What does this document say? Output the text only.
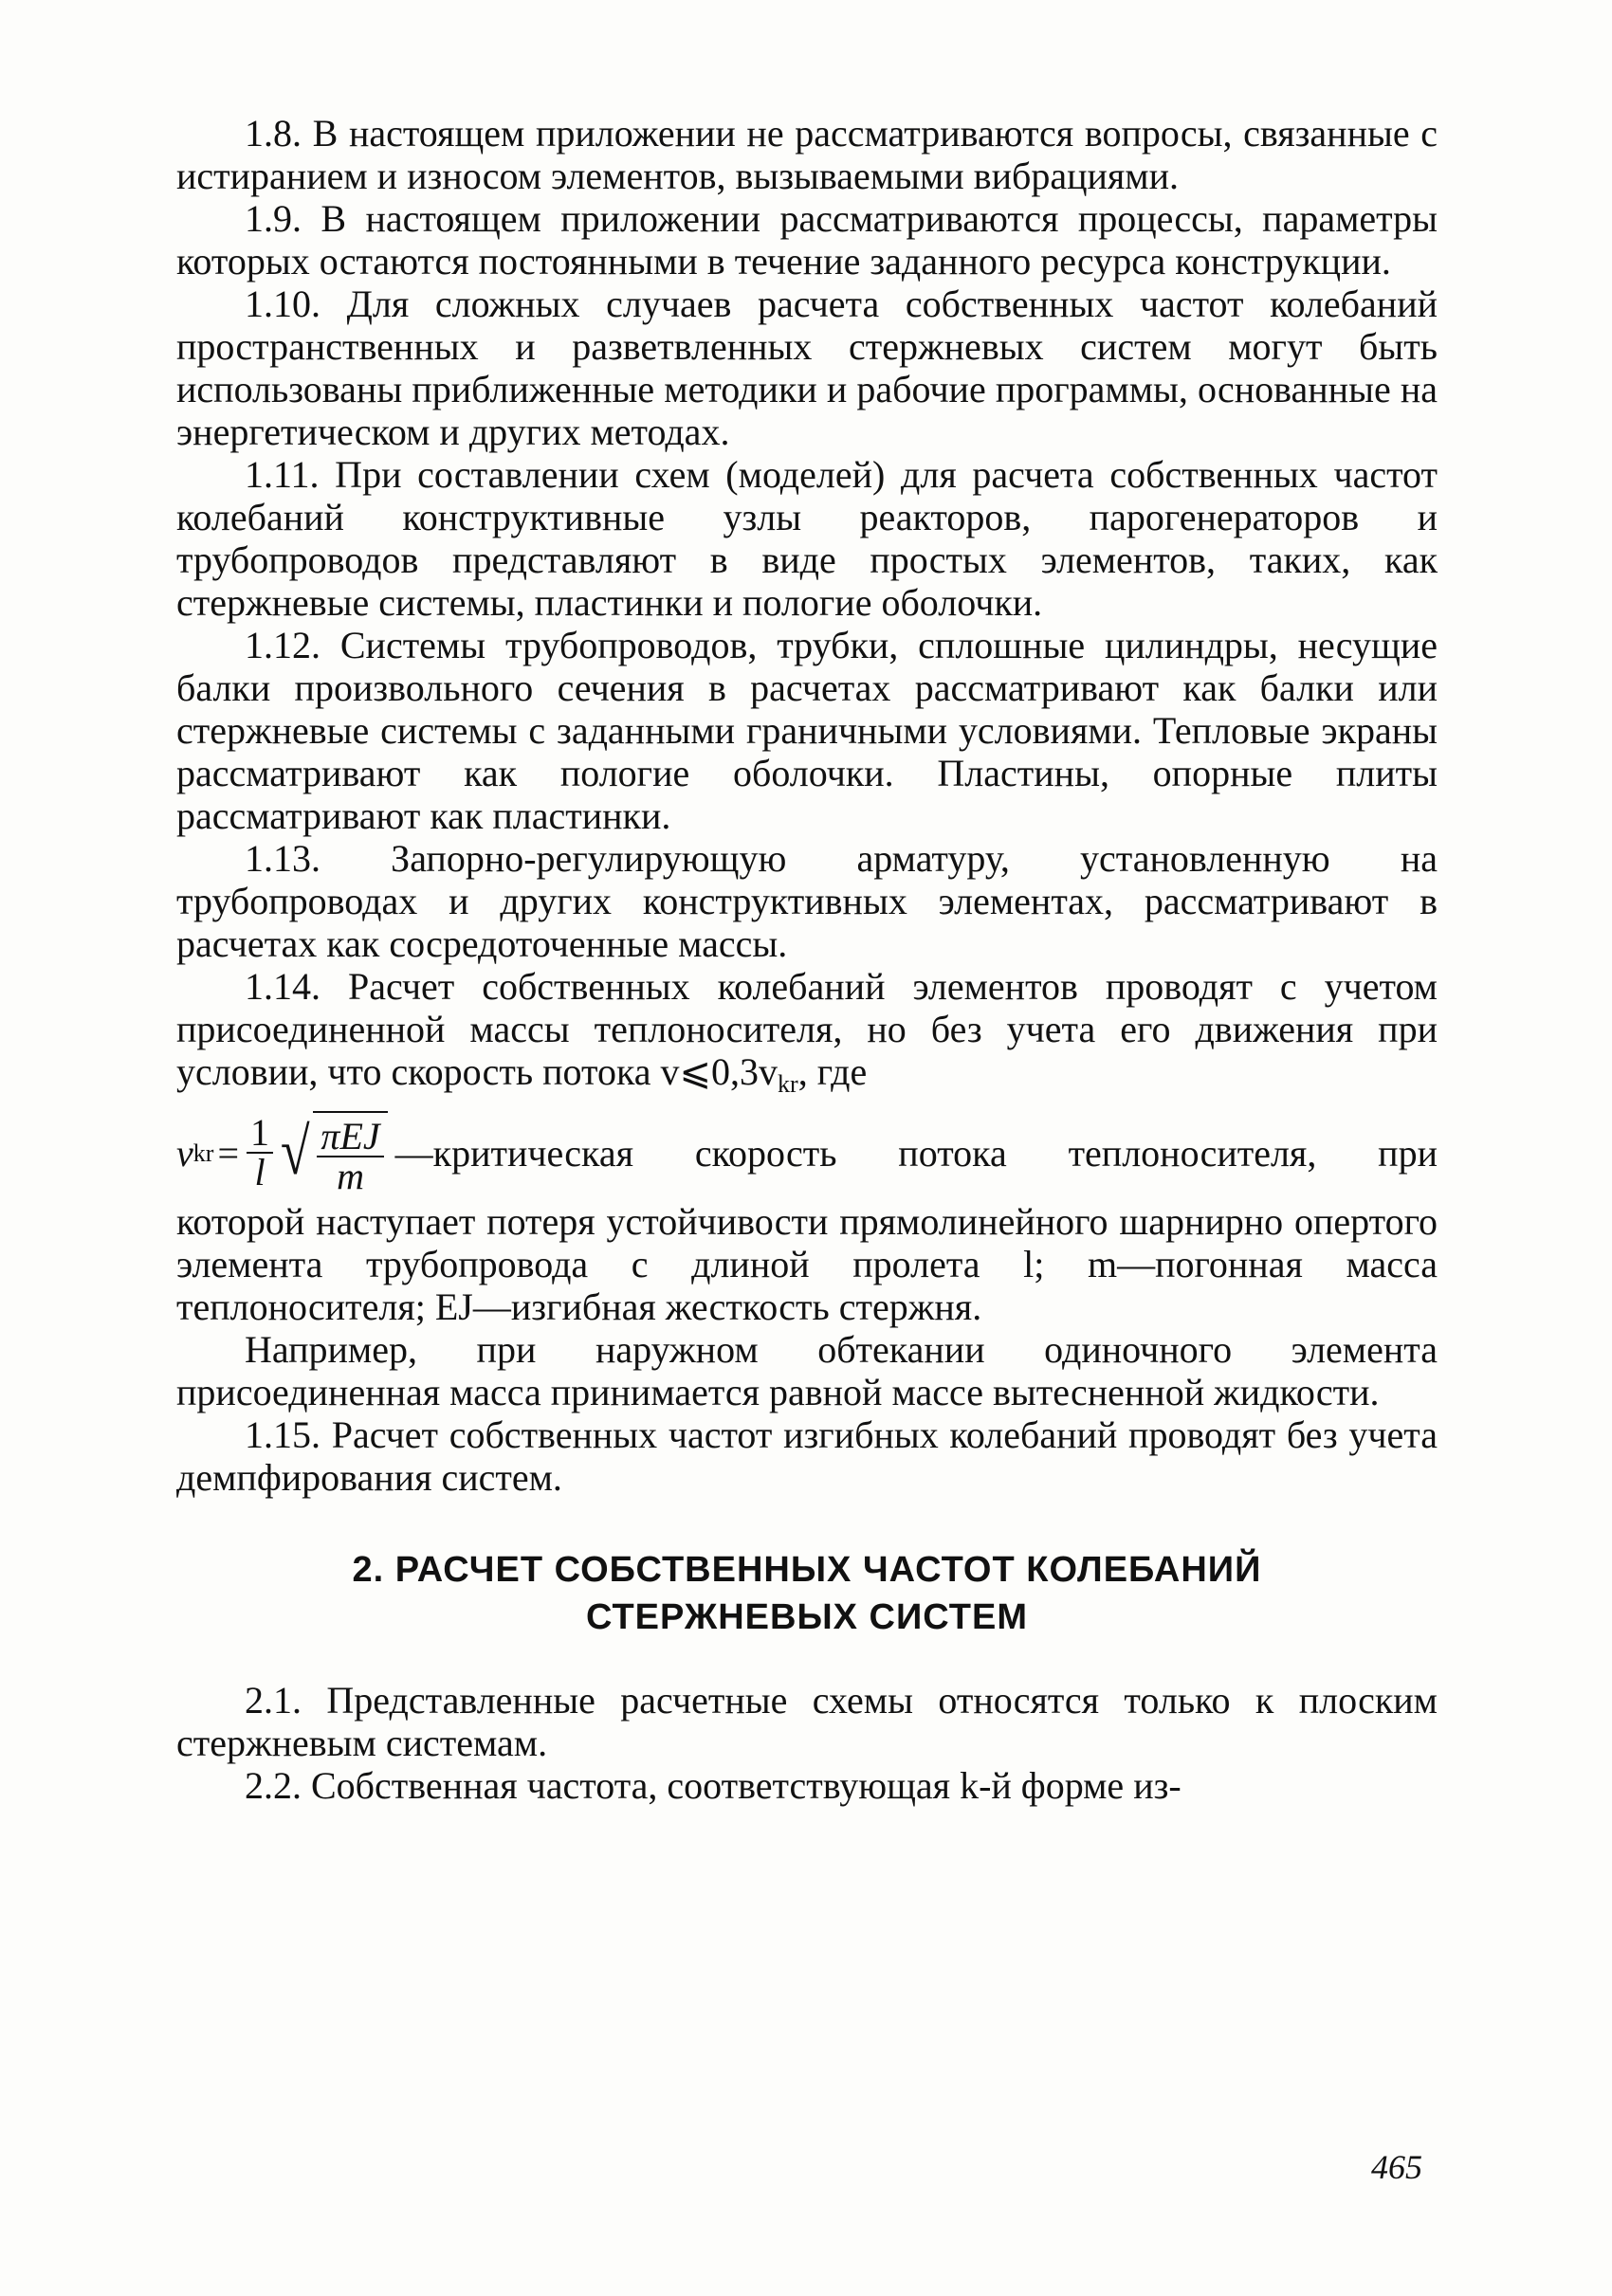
1.8. В настоящем приложении не рассматриваются вопросы, связанные с истиранием и износом элементов, вызываемыми вибрациями.

1.9. В настоящем приложении рассматриваются процессы, параметры которых остаются постоянными в течение заданного ресурса конструкции.

1.10. Для сложных случаев расчета собственных частот колебаний пространственных и разветвленных стержневых систем могут быть использованы приближенные методики и рабочие программы, основанные на энергетическом и других методах.

1.11. При составлении схем (моделей) для расчета собственных частот колебаний конструктивные узлы реакторов, парогенераторов и трубопроводов представляют в виде простых элементов, таких, как стержневые системы, пластинки и пологие оболочки.

1.12. Системы трубопроводов, трубки, сплошные цилиндры, несущие балки произвольного сечения в расчетах рассматривают как балки или стержневые системы с заданными граничными условиями. Тепловые экраны рассматривают как пологие оболочки. Пластины, опорные плиты рассматривают как пластинки.

1.13. Запорно-регулирующую арматуру, установленную на трубопроводах и других конструктивных элементах, рассматривают в расчетах как сосредоточенные массы.

1.14. Расчет собственных колебаний элементов проводят с учетом присоединенной массы теплоносителя, но без учета его движения при условии, что скорость потока $v⩽0,3v_{kr}$, где

v kr = $\frac{1}{l}$ √ $\frac{\text{πEJ}}{m}$ —критическая скорость потока теплоносителя, при

которой наступает потеря устойчивости прямолинейного шарнирно опертого элемента трубопровода с длиной пролета l; m—погонная масса теплоносителя; EJ—изгибная жесткость стержня.

Например, при наружном обтекании одиночного элемента присоединенная масса принимается равной массе вытесненной жидкости.

1.15. Расчет собственных частот изгибных колебаний проводят без учета демпфирования систем.

2. РАСЧЕТ СОБСТВЕННЫХ ЧАСТОТ КОЛЕБАНИЙ
СТЕРЖНЕВЫХ СИСТЕМ

2.1. Представленные расчетные схемы относятся только к плоским стержневым системам.

2.2. Собственная частота, соответствующая k-й форме из-

465
